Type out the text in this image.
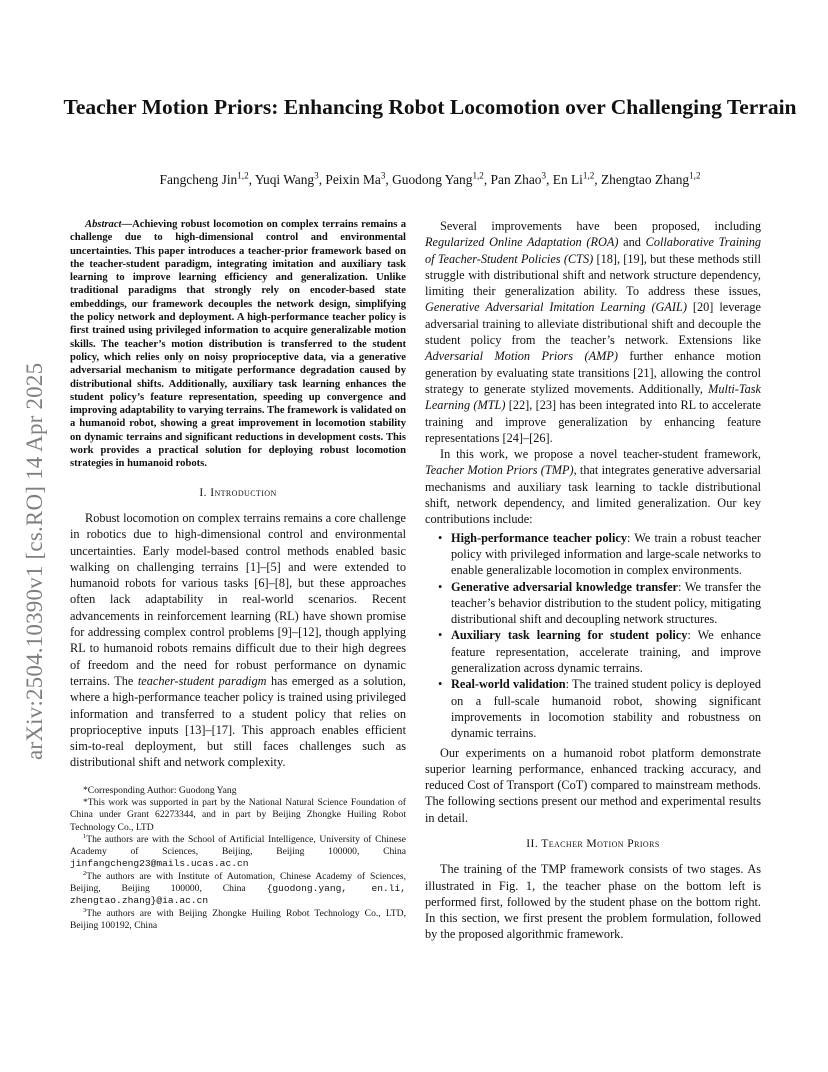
arXiv:2504.10390v1 [cs.RO] 14 Apr 2025
Teacher Motion Priors: Enhancing Robot Locomotion over Challenging Terrain
Fangcheng Jin$^{1,2}$, Yuqi Wang$^3$, Peixin Ma$^3$, Guodong Yang$^{1,2}$, Pan Zhao$^3$, En Li$^{1,2}$, Zhengtao Zhang$^{1,2}$

Abstract—Achieving robust locomotion on complex terrains remains a challenge due to high-dimensional control and environmental uncertainties. This paper introduces a teacher-prior framework based on the teacher-student paradigm, integrating imitation and auxiliary task learning to improve learning efficiency and generalization. Unlike traditional paradigms that strongly rely on encoder-based state embeddings, our framework decouples the network design, simplifying the policy network and deployment. A high-performance teacher policy is first trained using privileged information to acquire generalizable motion skills. The teacher’s motion distribution is transferred to the student policy, which relies only on noisy proprioceptive data, via a generative adversarial mechanism to mitigate performance degradation caused by distributional shifts. Additionally, auxiliary task learning enhances the student policy’s feature representation, speeding up convergence and improving adaptability to varying terrains. The framework is validated on a humanoid robot, showing a great improvement in locomotion stability on dynamic terrains and significant reductions in development costs. This work provides a practical solution for deploying robust locomotion strategies in humanoid robots.

I. Introduction

Robust locomotion on complex terrains remains a core challenge in robotics due to high-dimensional control and environmental uncertainties. Early model-based control methods enabled basic walking on challenging terrains [1]–[5] and were extended to humanoid robots for various tasks [6]–[8], but these approaches often lack adaptability in real-world scenarios. Recent advancements in reinforcement learning (RL) have shown promise for addressing complex control problems [9]–[12], though applying RL to humanoid robots remains difficult due to their high degrees of freedom and the need for robust performance on dynamic terrains. The teacher-student paradigm has emerged as a solution, where a high-performance teacher policy is trained using privileged information and transferred to a student policy that relies on proprioceptive inputs [13]–[17]. This approach enables efficient sim-to-real deployment, but still faces challenges such as distributional shift and network complexity.

*Corresponding Author: Guodong Yang

*This work was supported in part by the National Natural Science Foundation of China under Grant 62273344, and in part by Beijing Zhongke Huiling Robot Technology Co., LTD

$^1$The authors are with the School of Artificial Intelligence, University of Chinese Academy of Sciences, Beijing, Beijing 100000, China jinfangcheng23@mails.ucas.ac.cn

$^2$The authors are with Institute of Automation, Chinese Academy of Sciences, Beijing, Beijing 100000, China {guodong.yang, en.li, zhengtao.zhang}@ia.ac.cn

$^3$The authors are with Beijing Zhongke Huiling Robot Technology Co., LTD, Beijing 100192, China

Several improvements have been proposed, including Regularized Online Adaptation (ROA) and Collaborative Training of Teacher-Student Policies (CTS) [18], [19], but these methods still struggle with distributional shift and network structure dependency, limiting their generalization ability. To address these issues, Generative Adversarial Imitation Learning (GAIL) [20] leverage adversarial training to alleviate distributional shift and decouple the student policy from the teacher’s network. Extensions like Adversarial Motion Priors (AMP) further enhance motion generation by evaluating state transitions [21], allowing the control strategy to generate stylized movements. Additionally, Multi-Task Learning (MTL) [22], [23] has been integrated into RL to accelerate training and improve generalization by enhancing feature representations [24]–[26].

In this work, we propose a novel teacher-student framework, Teacher Motion Priors (TMP), that integrates generative adversarial mechanisms and auxiliary task learning to tackle distributional shift, network dependency, and limited generalization. Our key contributions include:

• High-performance teacher policy: We train a robust teacher policy with privileged information and large-scale networks to enable generalizable locomotion in complex environments.
• Generative adversarial knowledge transfer: We transfer the teacher’s behavior distribution to the student policy, mitigating distributional shift and decoupling network structures.
• Auxiliary task learning for student policy: We enhance feature representation, accelerate training, and improve generalization across dynamic terrains.
• Real-world validation: The trained student policy is deployed on a full-scale humanoid robot, showing significant improvements in locomotion stability and robustness on dynamic terrains.

Our experiments on a humanoid robot platform demonstrate superior learning performance, enhanced tracking accuracy, and reduced Cost of Transport (CoT) compared to mainstream methods. The following sections present our method and experimental results in detail.

II. Teacher Motion Priors

The training of the TMP framework consists of two stages. As illustrated in Fig. 1, the teacher phase on the bottom left is performed first, followed by the student phase on the bottom right. In this section, we first present the problem formulation, followed by the proposed algorithmic framework.
